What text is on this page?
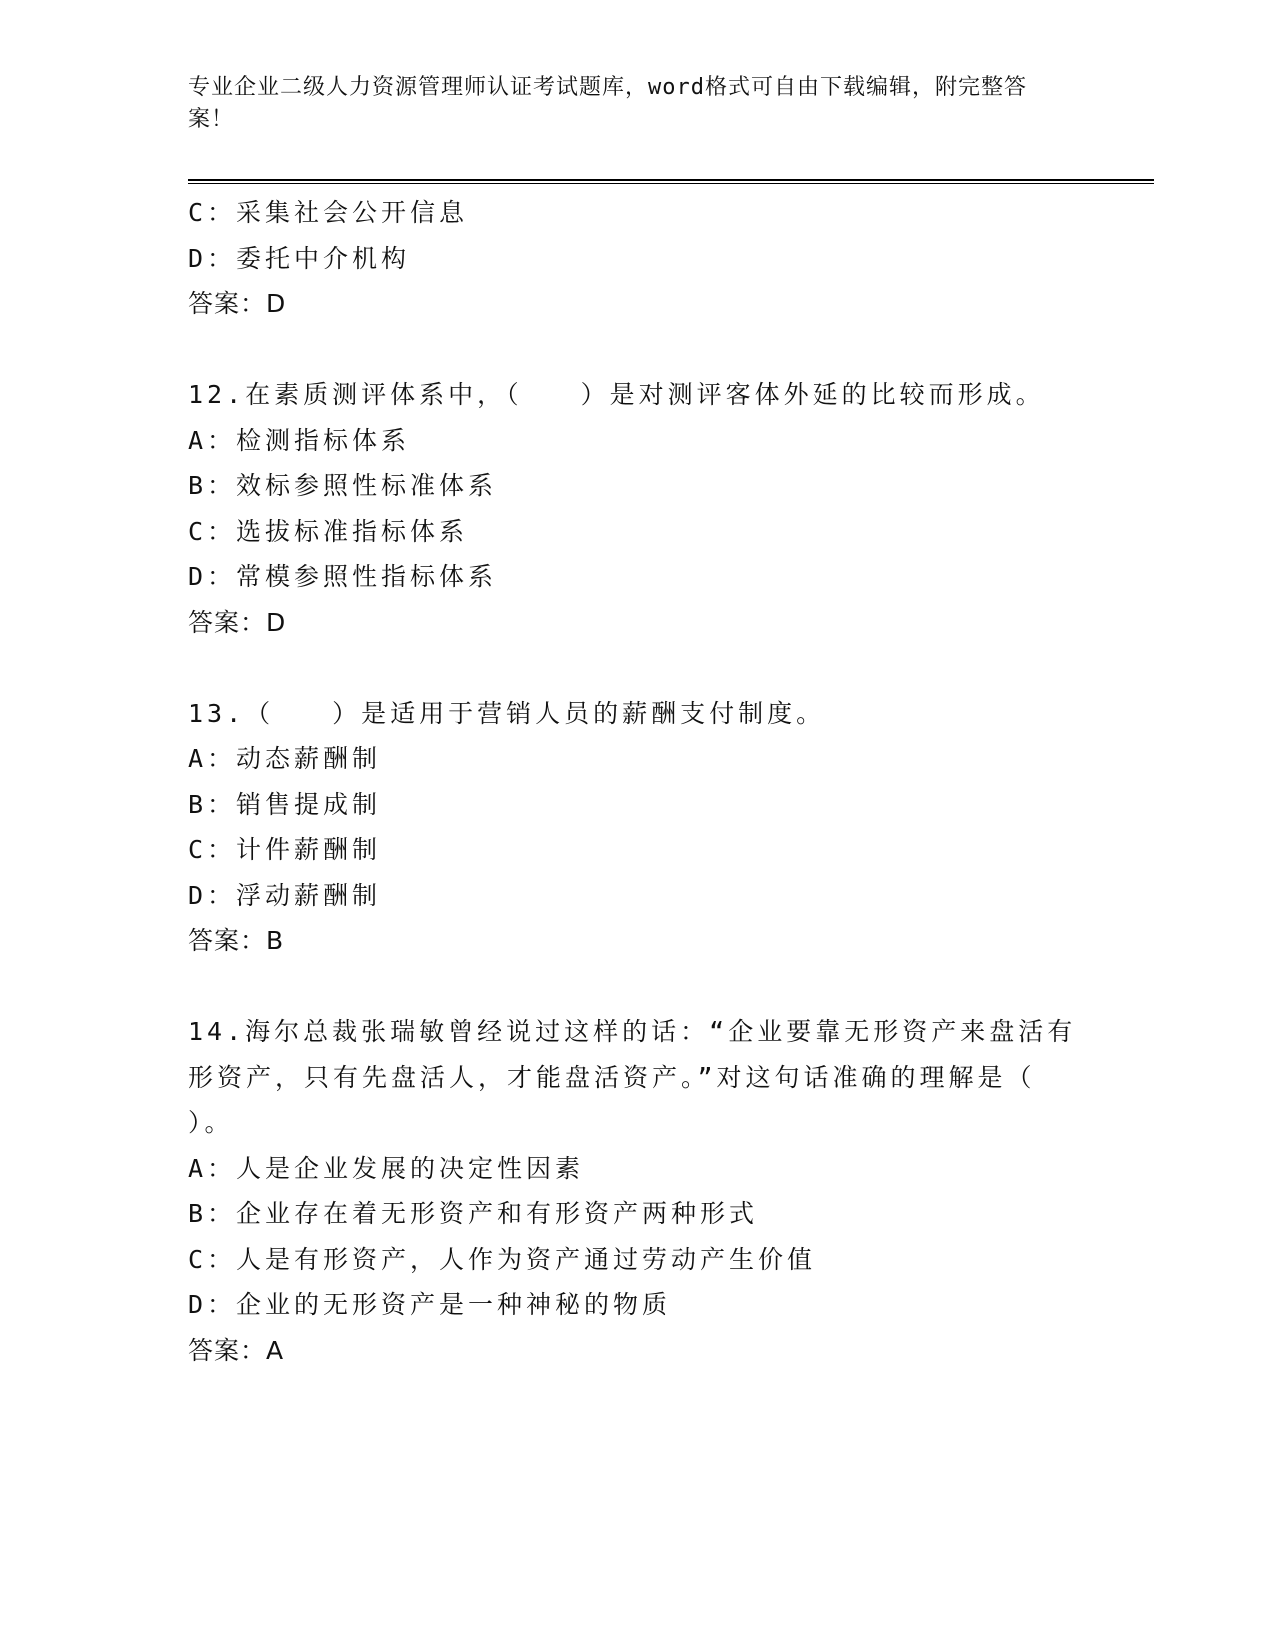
专业企业二级人力资源管理师认证考试题库，word格式可自由下载编辑，附完整答案！
C：采集社会公开信息
D：委托中介机构
答案：D
12.在素质测评体系中，（　　）是对测评客体外延的比较而形成。
A：检测指标体系
B：效标参照性标准体系
C：选拔标准指标体系
D：常模参照性指标体系
答案：D
13.（　　）是适用于营销人员的薪酬支付制度。
A：动态薪酬制
B：销售提成制
C：计件薪酬制
D：浮动薪酬制
答案：B
14.海尔总裁张瑞敏曾经说过这样的话：“企业要靠无形资产来盘活有
形资产，只有先盘活人，才能盘活资产。”对这句话准确的理解是（
）。
A：人是企业发展的决定性因素
B：企业存在着无形资产和有形资产两种形式
C：人是有形资产，人作为资产通过劳动产生价值
D：企业的无形资产是一种神秘的物质
答案：A
